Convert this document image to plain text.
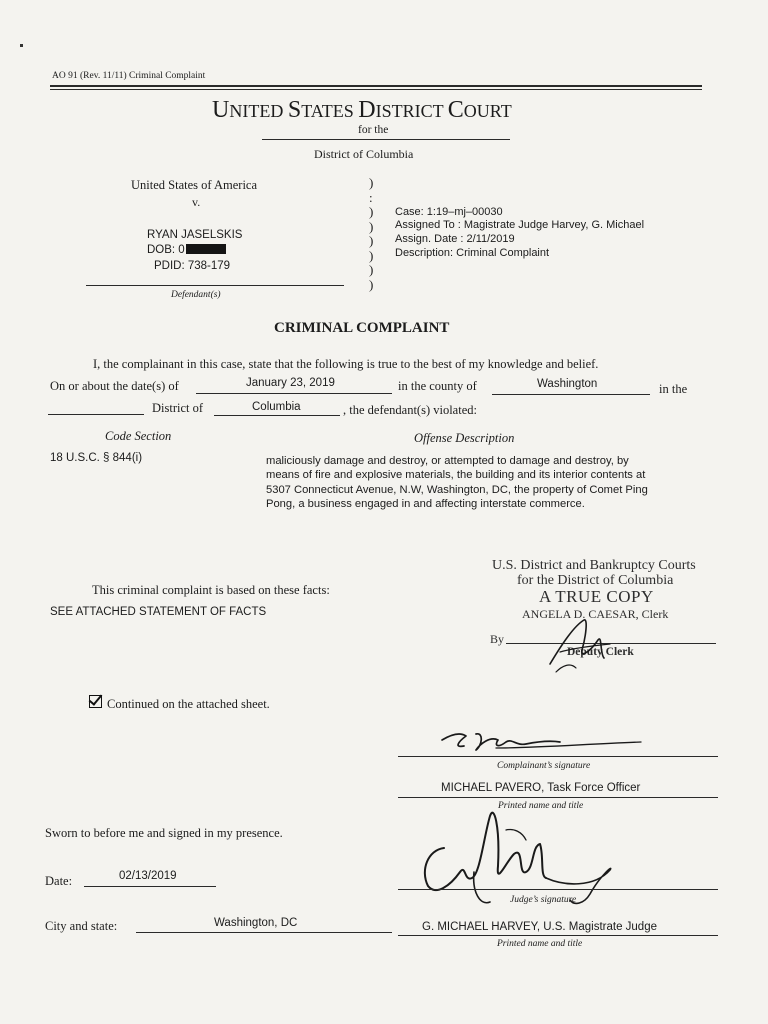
AO 91 (Rev. 11/11) Criminal Complaint
UNITED STATES DISTRICT COURT
for the
District of Columbia
United States of America
v.
RYAN JASELSKIS
DOB: 0
PDID: 738-179
Defendant(s)
)
:
)
)
)
)
)
)
Case: 1:19–mj–00030
Assigned To : Magistrate Judge Harvey, G. Michael
Assign. Date : 2/11/2019
Description: Criminal Complaint
CRIMINAL COMPLAINT
I, the complainant in this case, state that the following is true to the best of my knowledge and belief.
On or about the date(s) of	January 23, 2019	in the county of	Washington	in the
District of	Columbia	, the defendant(s) violated:
Code Section	Offense Description
18 U.S.C. § 844(i)	maliciously damage and destroy, or attempted to damage and destroy, by
means of fire and explosive materials, the building and its interior contents at
5307 Connecticut Avenue, N.W, Washington, DC, the property of Comet Ping
Pong, a business engaged in and affecting interstate commerce.
U.S. District and Bankruptcy Courts
for the District of Columbia
A TRUE COPY
ANGELA D. CAESAR, Clerk
By
Deputy Clerk
This criminal complaint is based on these facts:
SEE ATTACHED STATEMENT OF FACTS
Continued on the attached sheet.
Complainant’s signature
MICHAEL PAVERO, Task Force Officer
Printed name and title
Sworn to before me and signed in my presence.
Judge’s signature
Date:	02/13/2019
City and state:	Washington, DC	G. MICHAEL HARVEY, U.S. Magistrate Judge
Printed name and title
